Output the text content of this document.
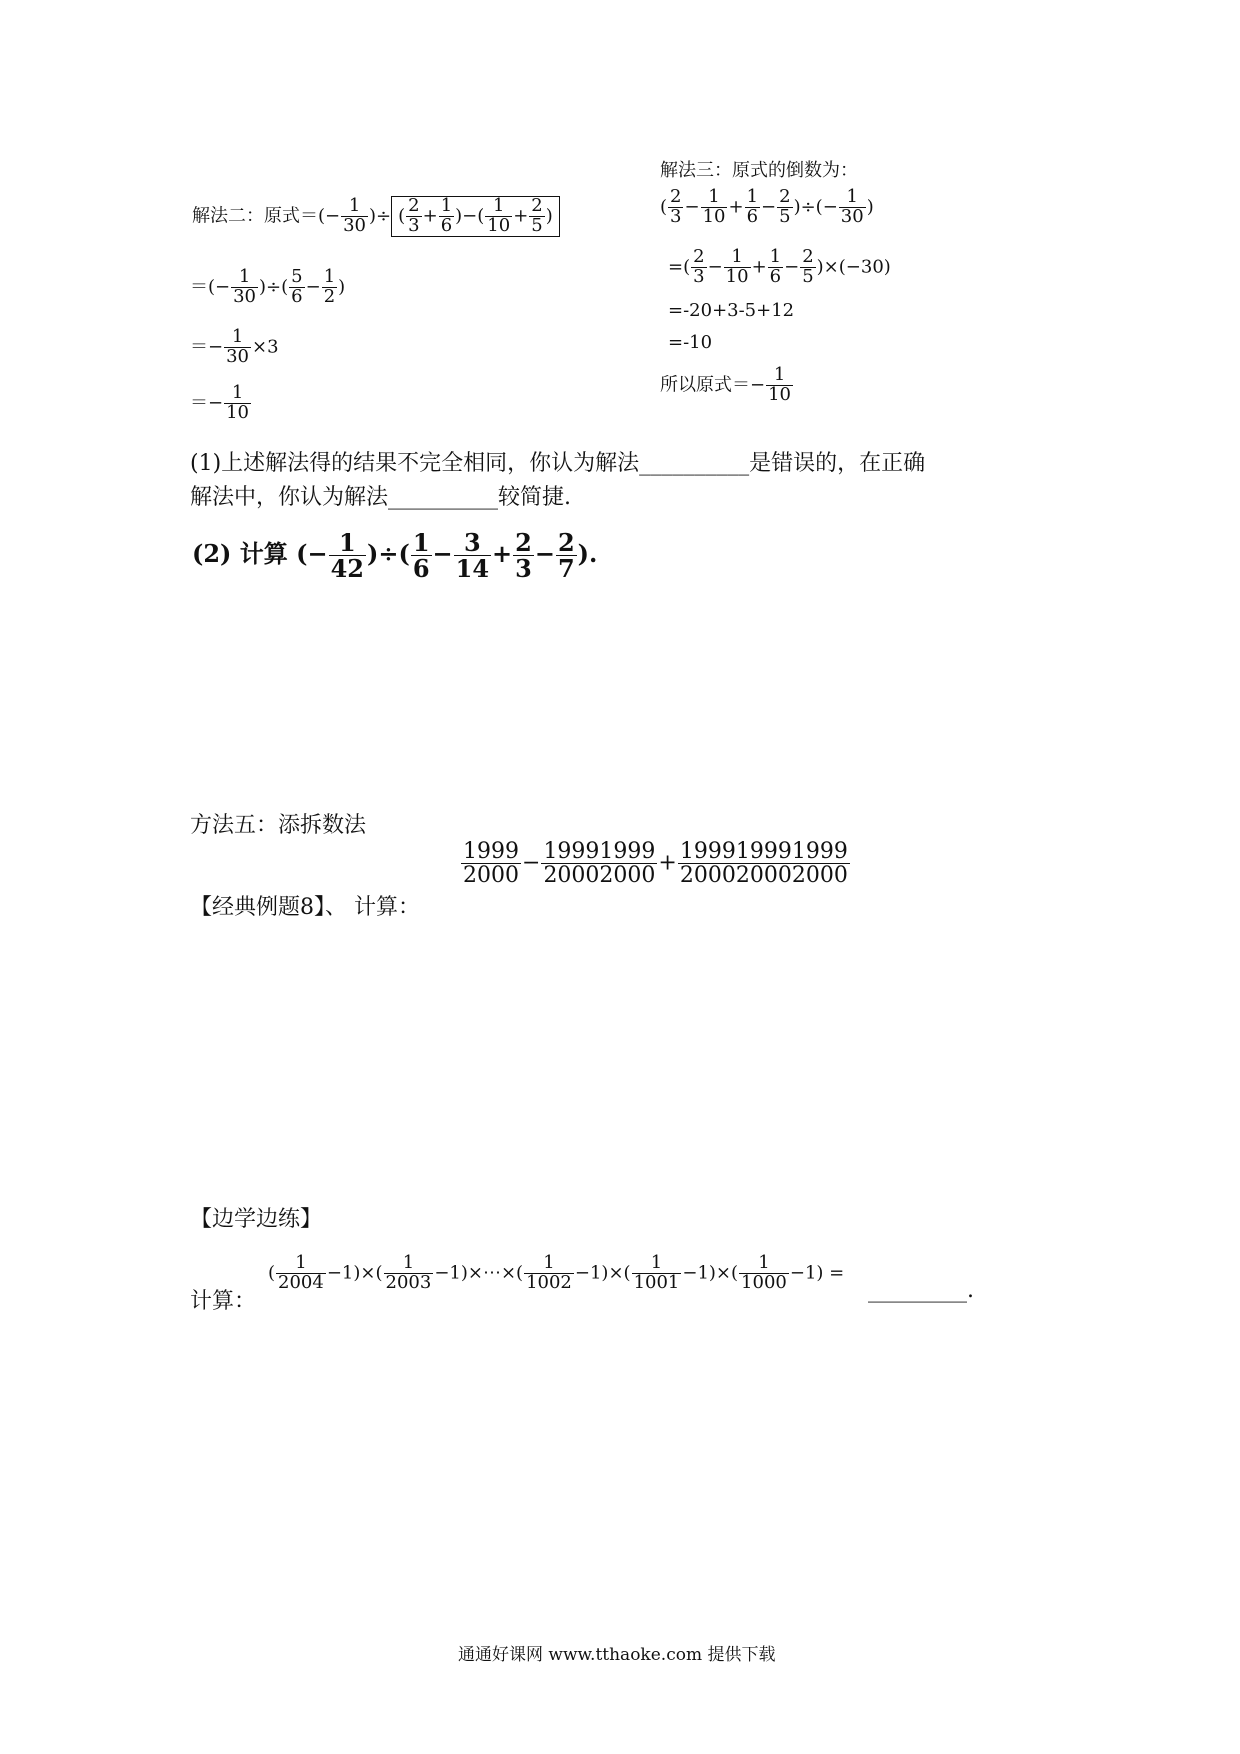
解法二：原式＝(− $\frac{1}{30}$ )÷ ( $\frac{2}{3} + \frac{1}{6}$ )−( $\frac{1}{10} + \frac{2}{5}$ )
＝(− $\frac{1}{30}$ )÷( $\frac{5}{6} - \frac{1}{2}$ )
＝− $\frac{1}{30} \times 3$
＝− $\frac{1}{10}$
解法三：原式的倒数为：
( $\frac{2}{3} - \frac{1}{10} + \frac{1}{6} - \frac{2}{5}$ )÷(− $\frac{1}{30}$ )
=( $\frac{2}{3} - \frac{1}{10} + \frac{1}{6} - \frac{2}{5} )\times(-30)$
=-20+3-5+12
=-10
所以原式＝− $\frac{1}{10}$
(1)上述解法得的结果不完全相同，你认为解法__________是错误的，在正确
解法中，你认为解法__________较简捷.
(2) 计算 (− $\frac{1}{42}$ )÷( $\frac{1}{6} - \frac{3}{14} + \frac{2}{3} - \frac{2}{7}$ ).
方法五：添拆数法
【经典例题8】、 计算：
$\frac{1999}{2000} - \frac{19991999}{20002000} + \frac{199919991999}{200020002000}$
【边学边练】
计算：
( $\frac{1}{2004} -1)\times( \frac{1}{2003}$ −1)×⋯×( $\frac{1}{1002} -1)\times( \frac{1}{1001} -1)\times( \frac{1}{1000} -1)$ =
_________.
通通好课网 www.tthaoke.com 提供下载
